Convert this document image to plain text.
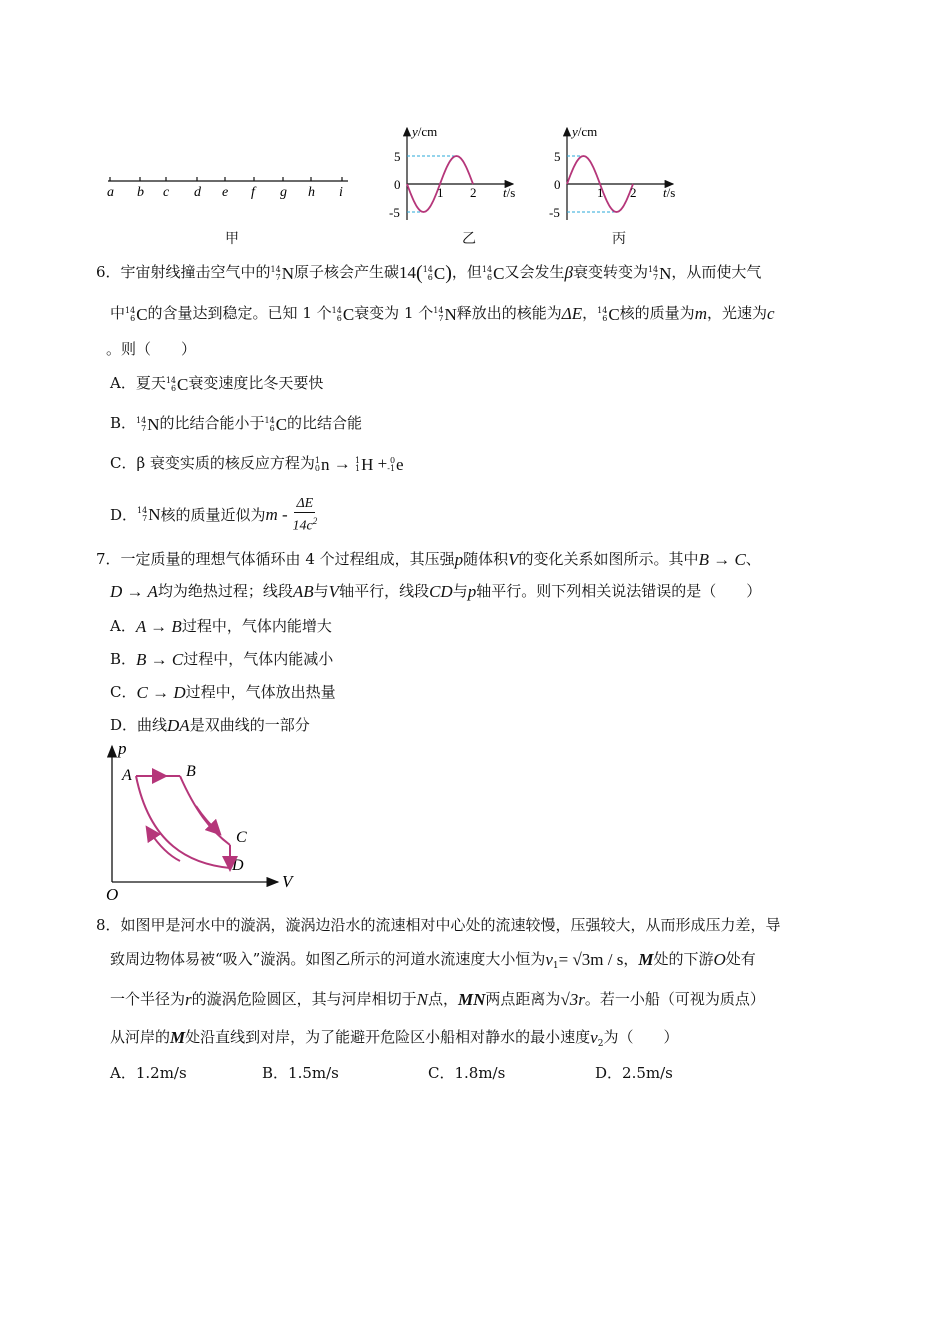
a b c d e f g h i
甲
y/cm
t/s
5
0
-5
1 2
乙
y/cm
t/s
5
0
-5
1 2
丙
6．宇宙射线撞击空气中的 14
7 N原子核会产生碳14( 14
6 C)，但 14
6 C又会发生β衰变转变为 14
7 N，从而使大气
中 14
6 C的含量达到稳定。已知 1 个 14
6 C衰变为 1 个 14
7 N释放出的核能为ΔE， 14
6 C核的质量为m，光速为c
。则（　　）
A．夏天 14
6 C衰变速度比冬天要快
B． 14
7 N的比结合能小于 14
6 C的比结合能
C．β 衰变实质的核反应方程为 1
0 n → 1
1 H + 0
-1 e
D． 14
7 N核的质量近似为m - $\frac{\Delta E}{14c^2}$
7．一定质量的理想气体循环由 4 个过程组成，其压强p随体积V的变化关系如图所示。其中B → C、
D → A均为绝热过程；线段AB与V轴平行，线段CD与p轴平行。则下列相关说法错误的是（　　）
A．A → B过程中，气体内能增大
B．B → C过程中，气体内能减小
C．C → D过程中，气体放出热量
D．曲线DA是双曲线的一部分
p
V
O
A	B
C
D
8．如图甲是河水中的漩涡，漩涡边沿水的流速相对中心处的流速较慢，压强较大，从而形成压力差，导
致周边物体易被“吸入”漩涡。如图乙所示的河道水流速度大小恒为$v_1= √3m / s$，M处的下游O处有
一个半径为r的漩涡危险圆区，其与河岸相切于N点，MN两点距离为√3r。若一小船（可视为质点）
从河岸的M处沿直线到对岸，为了能避开危险区小船相对静水的最小速度$v_2$为（　　）
A．1.2m/s	B．1.5m/s	C．1.8m/s	D．2.5m/s
